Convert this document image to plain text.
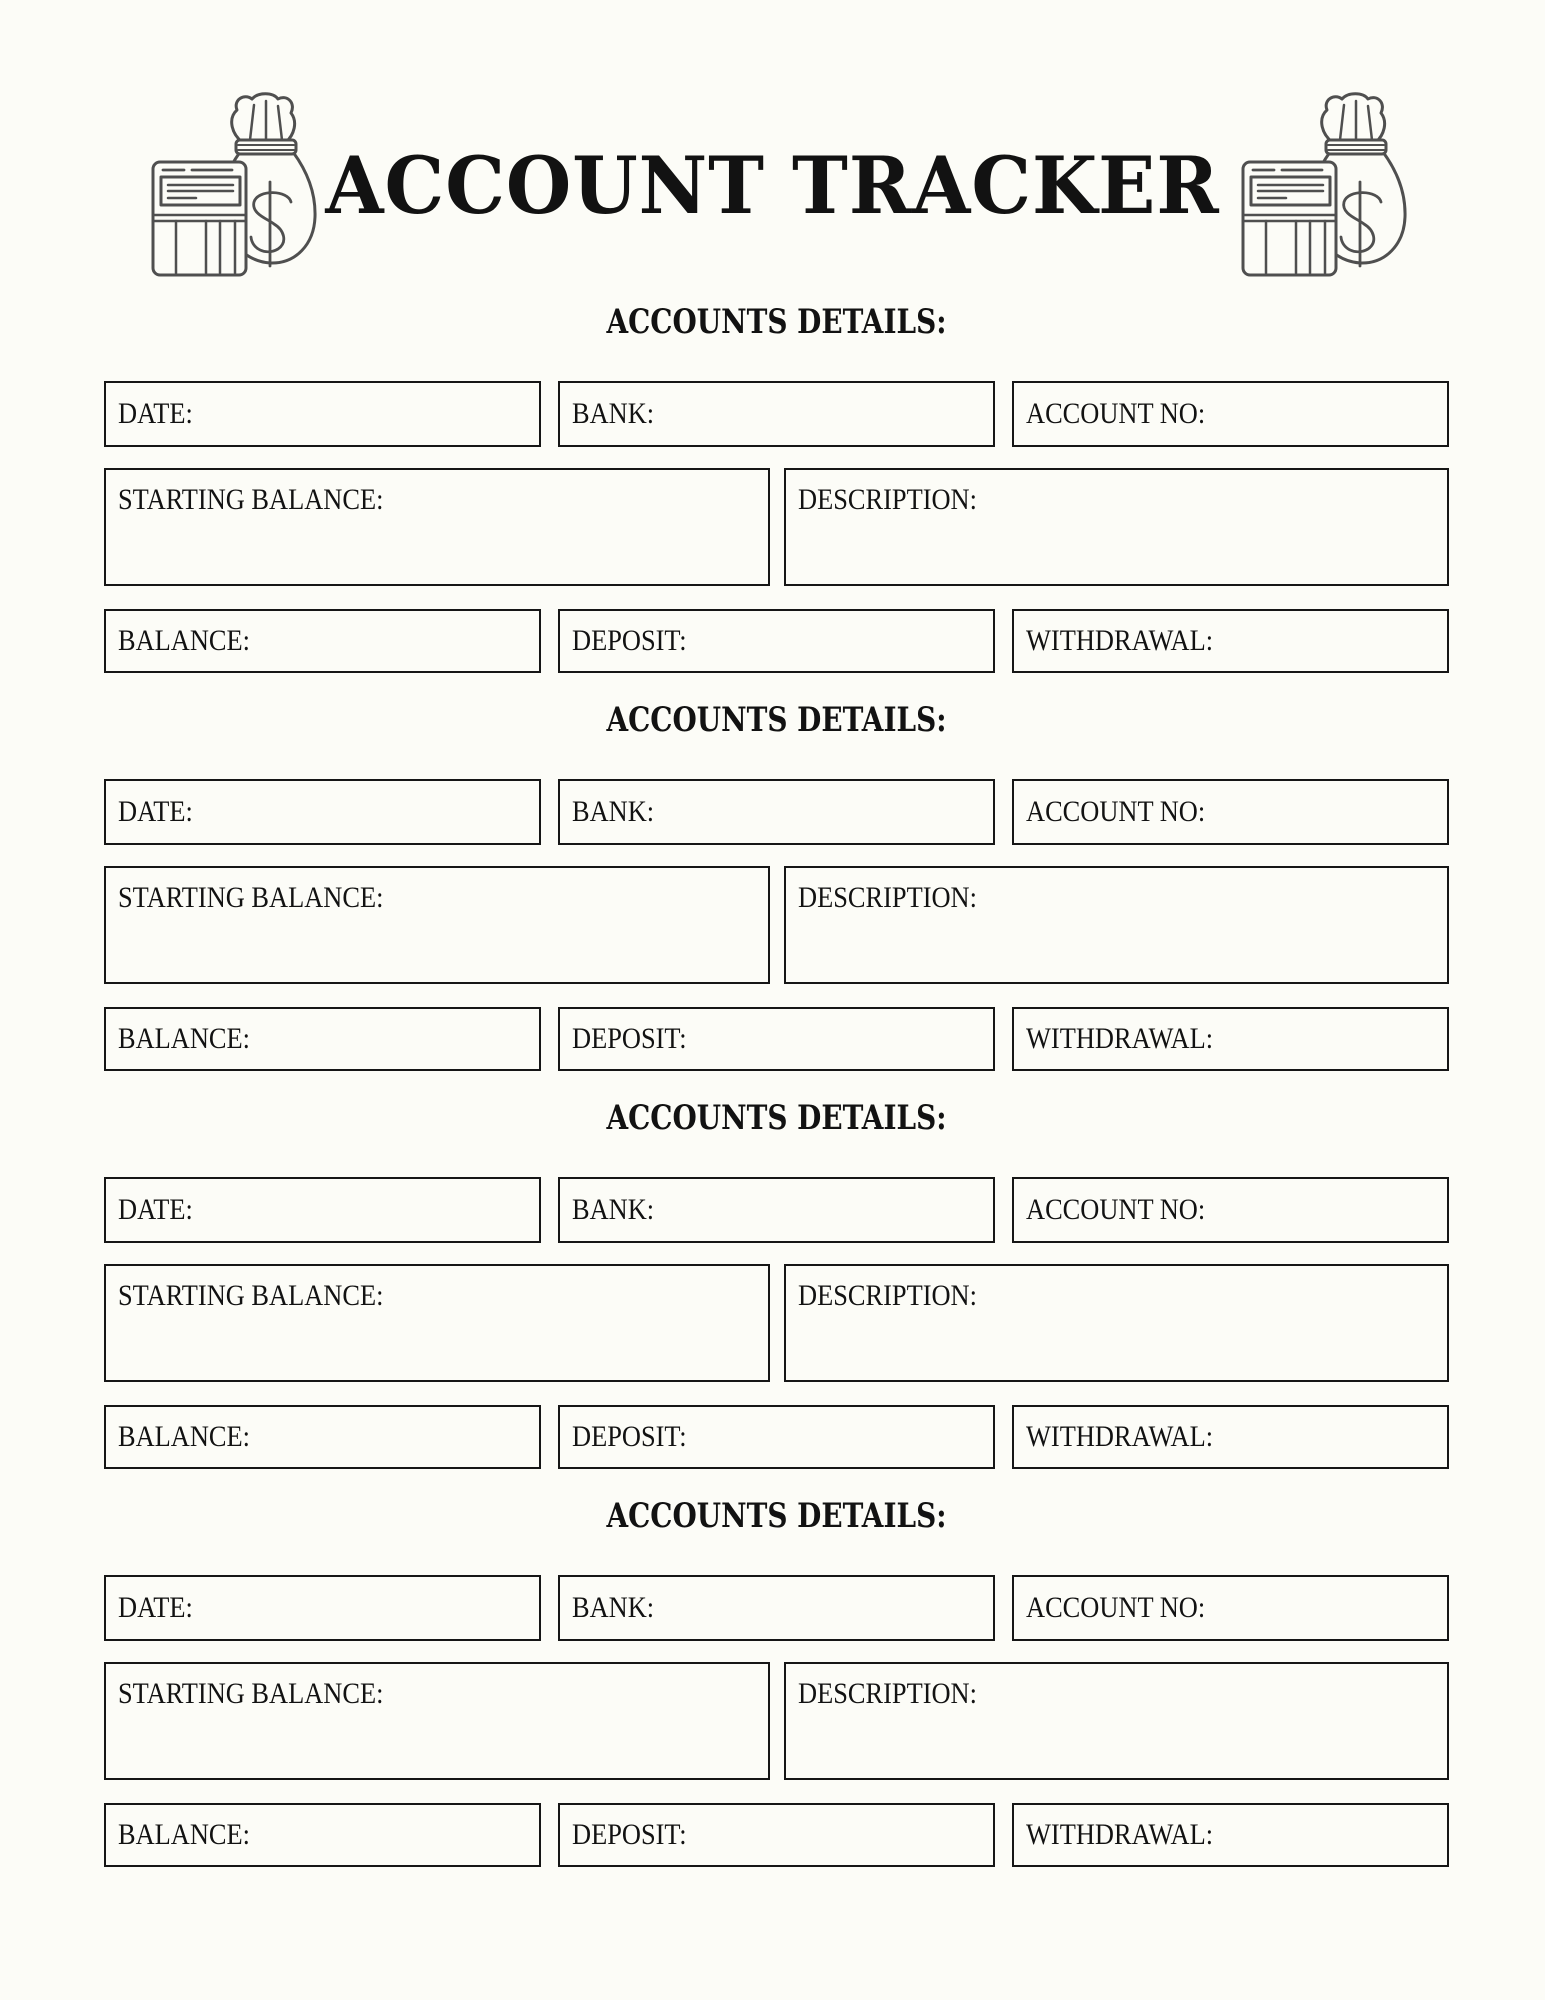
ACCOUNT TRACKER
ACCOUNTS DETAILS:
DATE:	BANK:	ACCOUNT NO:
STARTING BALANCE:	DESCRIPTION:
BALANCE:	DEPOSIT:	WITHDRAWAL:
ACCOUNTS DETAILS:
DATE:	BANK:	ACCOUNT NO:
STARTING BALANCE:	DESCRIPTION:
BALANCE:	DEPOSIT:	WITHDRAWAL:
ACCOUNTS DETAILS:
DATE:	BANK:	ACCOUNT NO:
STARTING BALANCE:	DESCRIPTION:
BALANCE:	DEPOSIT:	WITHDRAWAL:
ACCOUNTS DETAILS:
DATE:	BANK:	ACCOUNT NO:
STARTING BALANCE:	DESCRIPTION:
BALANCE:	DEPOSIT:	WITHDRAWAL:
